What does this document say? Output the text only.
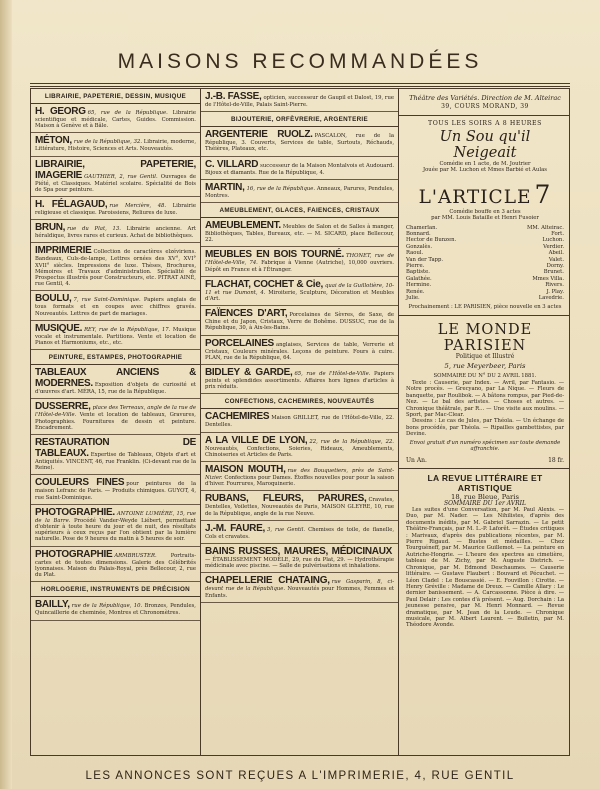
MAISONS RECOMMANDÉES
LIBRAIRIE, PAPETERIE, DESSIN, MUSIQUE
H. GEORG 65, rue de la République. Librairie scientifique et médicale, Cartes, Guides. Commission. Maison à Genève et à Bâle.
MÉTON, rue de la République, 32. Librairie, moderne, Littérature, Histoire, Sciences et Arts. Nouveautés.
LIBRAIRIE, PAPETERIE, IMAGERIE GAUTHIER, 2, rue Gentil. Ouvrages de Piété, et Classiques. Matériel scolaire. Spécialité de Bois de Spa pour peinture.
H. FÉLAGAUD, rue Mercière, 48. Librairie religieuse et classique. Paroissiens, Reliures de luxe.
BRUN, rue du Plat, 13. Librairie ancienne. Art héraldique, livres rares et curieux. Achat de bibliothèques.
IMPRIMERIE Collection de caractères elzéviriens. Bandeaux, Culs-de-lampe, Lettres ornées des XV°, XVI° XVII° siècles. Impressions de luxe. Thèses, Brochures, Mémoires et Travaux d'administration. Spécialité de Prospectus illustrés pour Constructeurs, etc. PITRAT AINÉ, rue Gentil, 4.
BOULU, 7, rue Saint-Dominique. Papiers anglais de tous formats et en coupes avec chiffres gravés. Nouveautés. Lettres de part de mariages.
MUSIQUE. REY, rue de la République, 17. Musique vocale et instrumentale. Partitions. Vente et location de Pianos et Harmoniums, etc., etc.
PEINTURE, ESTAMPES, PHOTOGRAPHIE
TABLEAUX ANCIENS & MODERNES. Exposition d'objets de curiosité et d'œuvres d'art. MÉRA, 15, rue de la République.
DUSSERRE, place des Terreaux, angle de la rue de l'Hôtel-de-Ville. Vente et location de tableaux, Gravures, Photographies. Fournitures de dessin et peinture. Encadrement.
RESTAURATION DE TABLEAUX. Expertise de Tableaux, Objets d'art et Antiquités. VINCENT, 46, rue Franklin. (Ci-devant rue de la Reine).
COULEURS FINES pour peintures de la maison Lefranc de Paris. — Produits chimiques. GUYOT, 4, rue Saint-Dominique.
PHOTOGRAPHIE. ANTOINE LUMIÈRE, 15, rue de la Barre. Procédé Vander-Weyde Liébert, permettant d'obtenir à toute heure du jour et de nuit, des résultats supérieurs à ceux reçus par l'on obtient par la lumière naturelle. Pose de 9 heures du matin à 5 heures de soir.
PHOTOGRAPHIE ARMBRUSTER.	Portraits-cartes et de toutes dimensions. Galerie des Célébrités lyonnaises. Maison du Palais-Royal, près Bellecour, 2, rue du Plat.
HORLOGERIE, INSTRUMENTS DE PRÉCISION
BAILLY, rue de la République, 10. Bronzes, Pendules, Quincaillerie de cheminée, Montres et Chronomètres.
J.-B. FASSE, opticien, successeur de Gaupil et Dalost, 19, rue de l'Hôtel-de-Ville, Palais Saint-Pierre.
BIJOUTERIE, ORFÈVRERIE, ARGENTERIE
ARGENTERIE RUOLZ. PASCALON, rue de la République, 3. Couverts, Services de table, Surtouts, Réchauds, Théières, Plateaux, etc.
C. VILLARD successeur de la Maison Montalvois et Audouard. Bijoux et diamants. Rue de la République, 4.
MARTIN, 16, rue de la République. Anneaux, Parures, Pendules, Montres.
AMEUBLEMENT, GLACES, FAIENCES, CRISTAUX
AMEUBLEMENT. Meubles de Salon et de Salles à manger, Bibliothèques, Tables, Bureaux, etc. — M. SICARD, place Bellecour, 22.
MEUBLES EN BOIS TOURNÉ. THONET, rue de l'Hôtel-de-Ville, 74. Fabrique à Vienne (Autriche), 10,000 ouvriers. Dépôt en France et à l'Étranger.
FLACHAT, COCHET & Cie, quai de la Guillotière, 10-11 et rue Dumont, 4. Miroiterie, Sculpture, Décoration et Meubles d'Art.
FAÏENCES D'ART, Porcelaines de Sèvres, de Saxe, de Chine et du Japon, Cristaux, Verre de Bohême. DUSSUC, rue de la République, 30, à Aix-les-Bains.
PORCELAINES anglaises, Services de table, Verrerie et Cristaux, Couleurs minérales. Leçons de peinture. Fours à cuire. PLAN, rue de la République, 64.
BIDLEY & GARDE, 65, rue de l'Hôtel-de-Ville. Papiers peints et splendides assortiments. Affaires hors lignes d'articles à prix réduits.
CONFECTIONS, CACHEMIRES, NOUVEAUTÉS
CACHEMIRES Maison GRILLET, rue de l'Hôtel-de-Ville, 22. Dentelles.
A LA VILLE DE LYON, 22, rue de la République, 22. Nouveautés, Confections, Soieries, Rideaux, Ameublements, Chinoiseries et Articles de Paris.
MAISON MOUTH, rue des Bouquetiers, près de Saint-Nizier. Confections pour Dames. Étoffes nouvelles pour pour la saison d'hiver. Fourrures, Maroquinerie.
RUBANS, FLEURS, PARURES, Cravates, Dentelles, Voilettes, Nouveautés de Paris, MAISON GLEYRE, 10, rue de la République, angle de la rue Neuve.
J.-M. FAURE, 3, rue Gentil. Chemises de toile, de flanelle, Cols et cravates.
BAINS RUSSES, MAURES, MÉDICINAUX— ÉTABLISSEMENT MODÈLE, 29, rue du Plat, 29. — Hydrothérapie médicinale avec piscine. — Salle de pulvérisations et inhalations.
CHAPELLERIE CHATAING, rue Gasparin, 8, ci-devant rue de la République. Nouveautés pour Hommes, Femmes et Enfants.
Théâtre des Variétés. Direction de M. Alteirac
39, COURS MORAND, 39
TOUS LES SOIRS A 8 HEURES
Un Sou qu'il Neigeait
Comédie en 1 acte, de M. Joutrier
Jouée par M. Luchon et Mmes Barbié et Aulas
L'ARTICLE 7
Comédie bouffe en 3 actes
par MM. Louis Bataille et Henri Fusoier
Chamerlan.	MM. Alteirac.
Bonnard.	Fort.
Hector de Bunzen.	Luchon.
Gonzalès.	Verdier.
Raoul.	Abeil.
Van der Tapp.	Valet.
Pierre.	Dorny.
Baptiste.	Brunet.
Galathée.	Mmes Villa.
Hermine.	Rivers.
Renée.	J. Play.
Julie.	Lavedrie.
Prochainement : LE PARISIEN, pièce nouvelle en 3 actes
LE MONDE PARISIEN
Politique et Illustré
5, rue Meyerbeer, Paris
SOMMAIRE DU N° DU 2 AVRIL 1881.
Texte : Causerie, par Index. — Avril, par Fantasio. — Notre procès. — Grecyano, par La Nique. — Fleurs de banquette, par Roulibok. — A bâtons rompus, par Pied-de-Nez. — Le bal des artistes. — Choses et autres. — Chronique théâtrale, par R... — Une visite aux moulins. — Sport, par Mac-Clear.
Dessins : Le cas de Jules, par Théola. — Un échange de bons procédés, par Théola. — Ripailles gambettistes, par Devine.
Envoi gratuit d'un numéro spécimen sur toute demande affranchie.
Un An.	18 fr.
LA REVUE LITTÉRAIRE ET ARTISTIQUE
18, rue Bleue, Paris
SOMMAIRE DU 1er AVRIL
Les suites d'une Conversation, par M. Paul Alexis. — Duo, par M. Nader. — Les Nihilistes, d'après des documents inédits, par M. Gabriel Sarrazin. — Le petit Théâtre-Français, par M. L.-P. Laforêt. — Études critiques : Marivaux, d'après des publications récentes, par M. Pierre Rigaud. — Bustes et médailles. — Chez Tourguéneff, par M. Maurice Guillemot. — La peinture en Autriche-Hongrie. — L'heure des spectres au cimetière, tableau de M. Zichy, par M. Auguste Dietrich. — Chronique, par M. Edmond Deschaumes. — Causerie littéraire. — Gustave Flaubert : Bouvard et Pécuchet. — Léon Cladel : Le Bouscassié. — E. Fouvillon : Cirotte. — Henry Gréville : Madame de Dreux. — Camille Allary : Le dernier banissement. — A. Carcassonne. Pièce à dire. — Paul Delair : Les contes d'à présent. — Aug. Dorchain : La jeunesse pensive, par M. Henri Monnard. — Revue dramatique, par M. Jean de la Leude. — Chronique musicale, par M. Albert Laurent. — Bulletin, par M. Théodore Avonde.
LES ANNONCES SONT REÇUES A L'IMPRIMERIE, 4, RUE GENTIL
